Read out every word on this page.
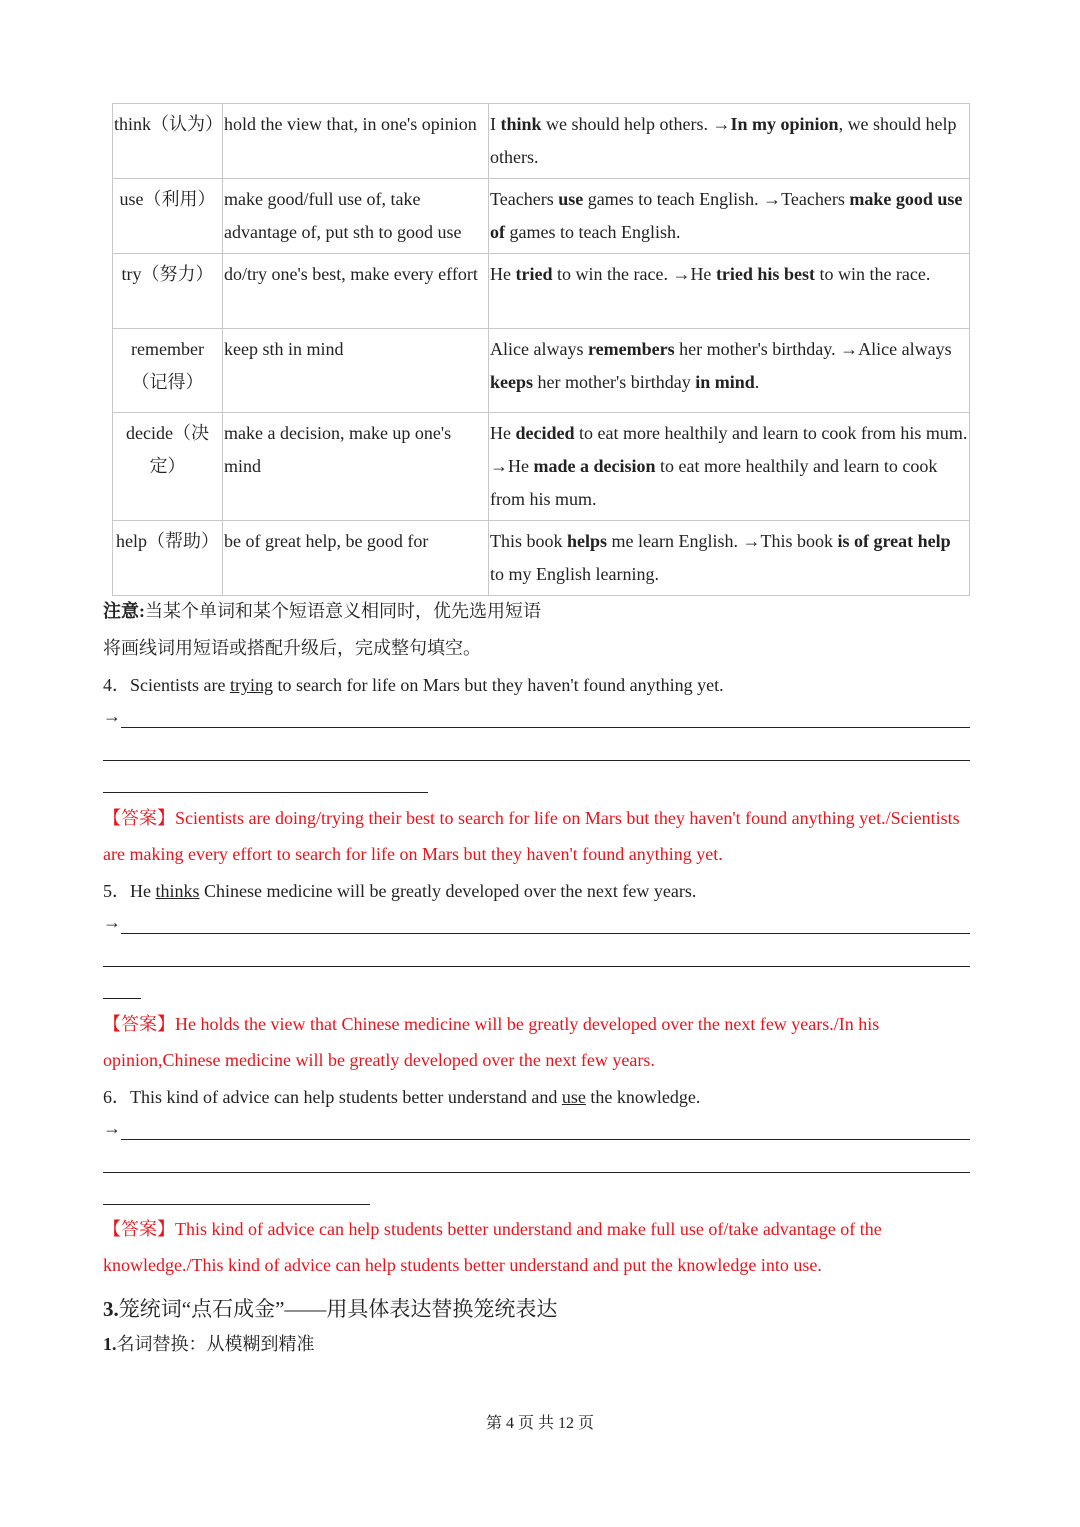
think（认为）	hold the view that, in one's opinion	I think we should help others. →In my opinion, we should help others.
use（利用）	make good/full use of, take advantage of, put sth to good use	Teachers use games to teach English. →Teachers make good use of games to teach English.
try（努力）	do/try one's best, make every effort	He tried to win the race. →He tried his best to win the race.
remember（记得）	keep sth in mind	Alice always remembers her mother's birthday. →Alice always keeps her mother's birthday in mind.
decide（决定）	make a decision, make up one's mind	He decided to eat more healthily and learn to cook from his mum. →He made a decision to eat more healthily and learn to cook from his mum.
help（帮助）	be of great help, be good for	This book helps me learn English. →This book is of great help to my English learning.
注意:当某个单词和某个短语意义相同时，优先选用短语
将画线词用短语或搭配升级后，完成整句填空。
4．Scientists are trying to search for life on Mars but they haven't found anything yet.
→
【答案】Scientists are doing/trying their best to search for life on Mars but they haven't found anything yet./Scientists are making every effort to search for life on Mars but they haven't found anything yet.
5．He thinks Chinese medicine will be greatly developed over the next few years.
→
【答案】He holds the view that Chinese medicine will be greatly developed over the next few years./In his opinion,Chinese medicine will be greatly developed over the next few years.
6．This kind of advice can help students better understand and use the knowledge.
→
【答案】This kind of advice can help students better understand and make full use of/take advantage of the knowledge./This kind of advice can help students better understand and put the knowledge into use.
3.笼统词“点石成金”——用具体表达替换笼统表达
1.名词替换：从模糊到精准
第 4 页 共 12 页
